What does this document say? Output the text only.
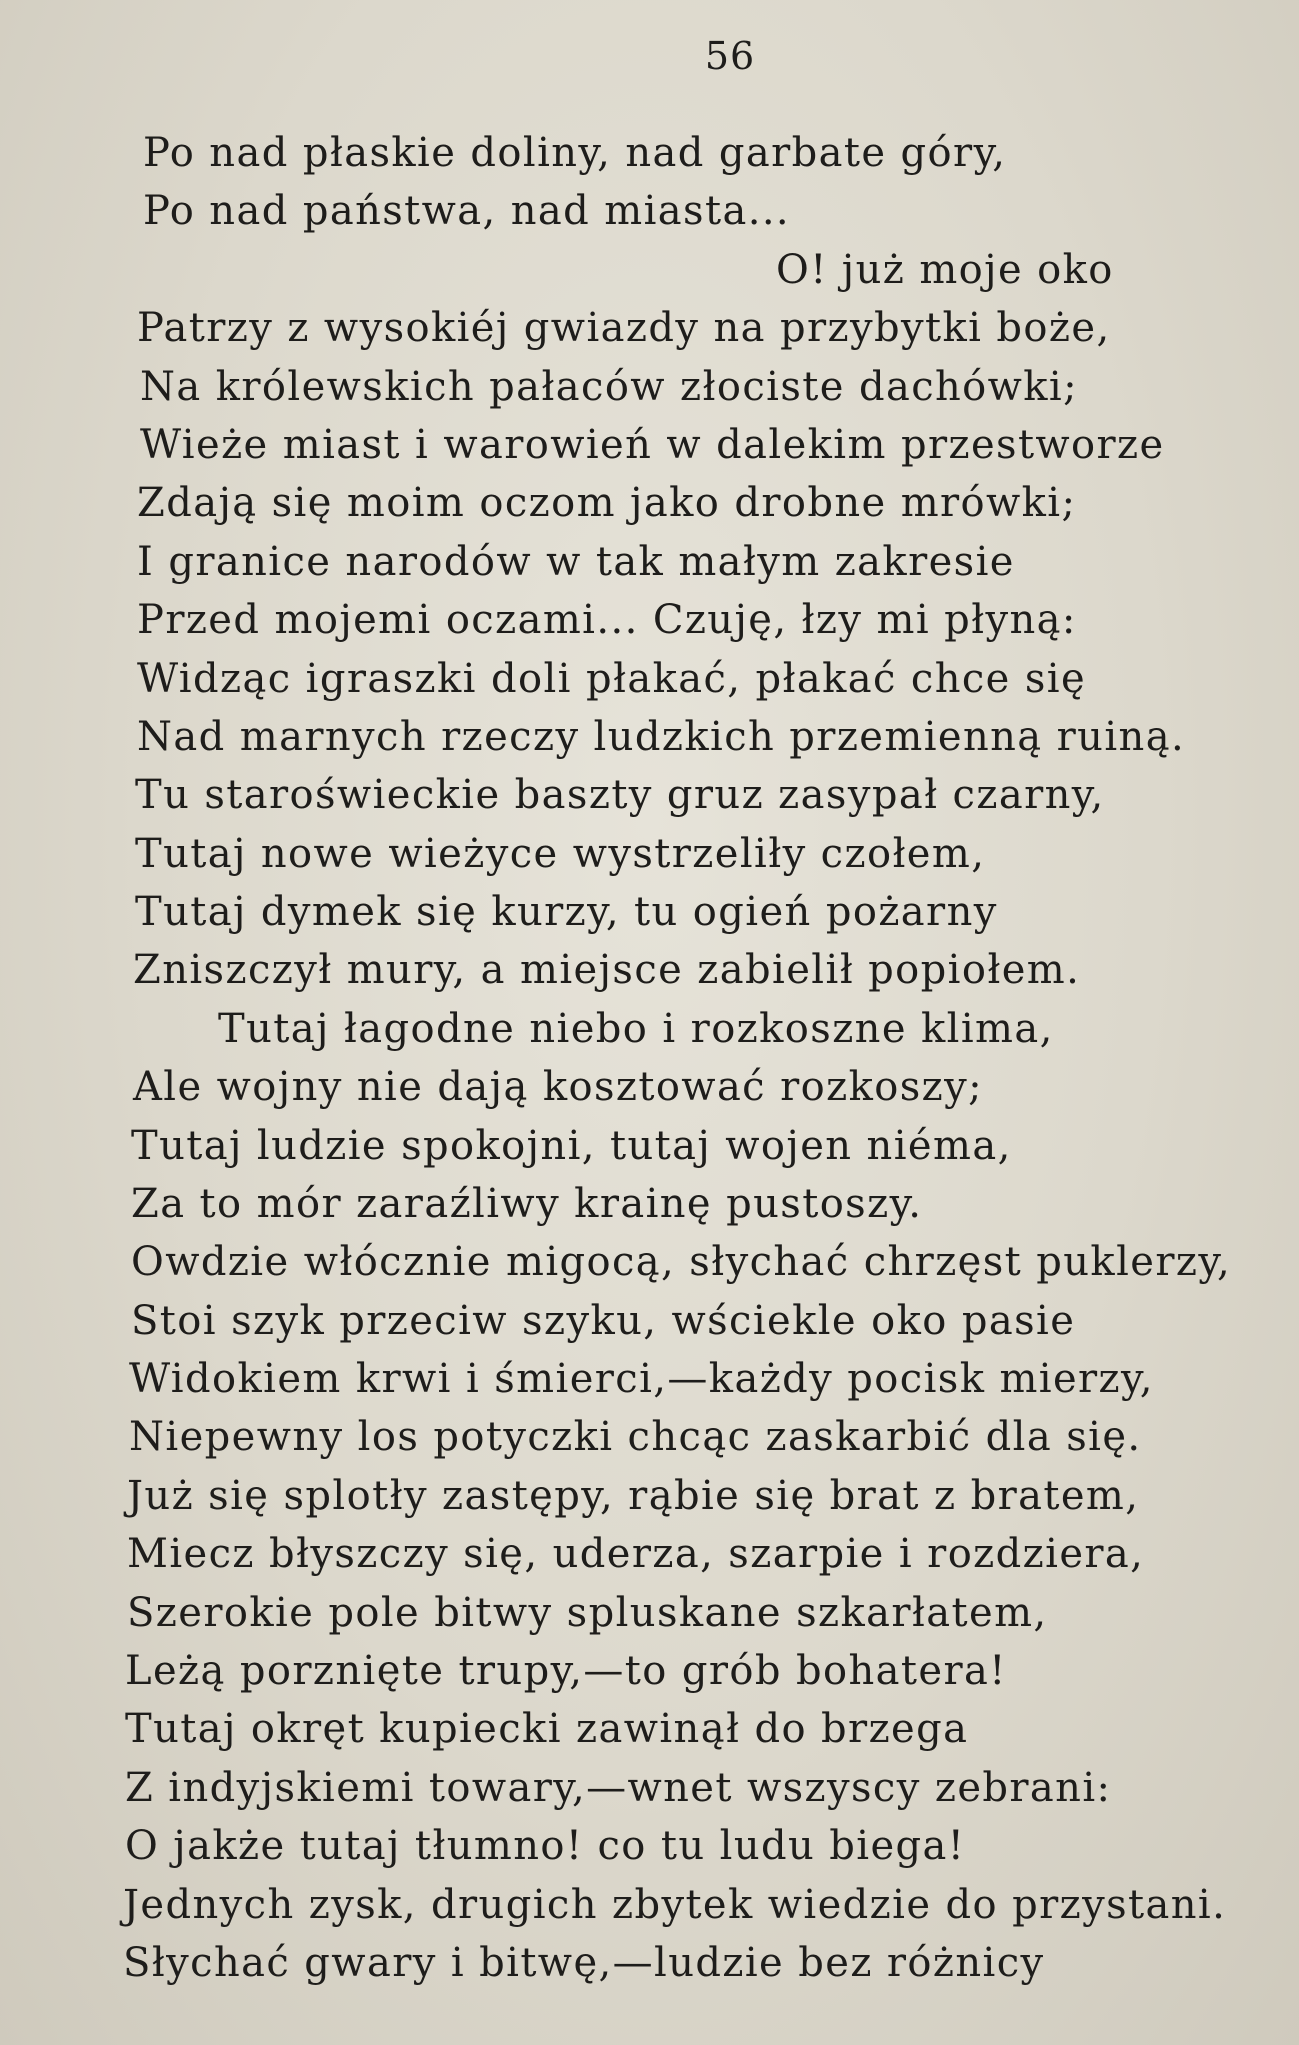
56
Po nad płaskie doliny, nad garbate góry,
Po nad państwa, nad miasta...
O! już moje oko
Patrzy z wysokiéj gwiazdy na przybytki boże,
Na królewskich pałaców złociste dachówki;
Wieże miast i warowień w dalekim przestworze
Zdają się moim oczom jako drobne mrówki;
I granice narodów w tak małym zakresie
Przed mojemi oczami... Czuję, łzy mi płyną:
Widząc igraszki doli płakać, płakać chce się
Nad marnych rzeczy ludzkich przemienną ruiną.
Tu staroświeckie baszty gruz zasypał czarny,
Tutaj nowe wieżyce wystrzeliły czołem,
Tutaj dymek się kurzy, tu ogień pożarny
Zniszczył mury, a miejsce zabielił popiołem.
Tutaj łagodne niebo i rozkoszne klima,
Ale wojny nie dają kosztować rozkoszy;
Tutaj ludzie spokojni, tutaj wojen niéma,
Za to mór zaraźliwy krainę pustoszy.
Owdzie włócznie migocą, słychać chrzęst puklerzy,
Stoi szyk przeciw szyku, wściekle oko pasie
Widokiem krwi i śmierci,—każdy pocisk mierzy,
Niepewny los potyczki chcąc zaskarbić dla się.
Już się splotły zastępy, rąbie się brat z bratem,
Miecz błyszczy się, uderza, szarpie i rozdziera,
Szerokie pole bitwy spluskane szkarłatem,
Leżą porznięte trupy,—to grób bohatera!
Tutaj okręt kupiecki zawinął do brzega
Z indyjskiemi towary,—wnet wszyscy zebrani:
O jakże tutaj tłumno! co tu ludu biega!
Jednych zysk, drugich zbytek wiedzie do przystani.
Słychać gwary i bitwę,—ludzie bez różnicy
